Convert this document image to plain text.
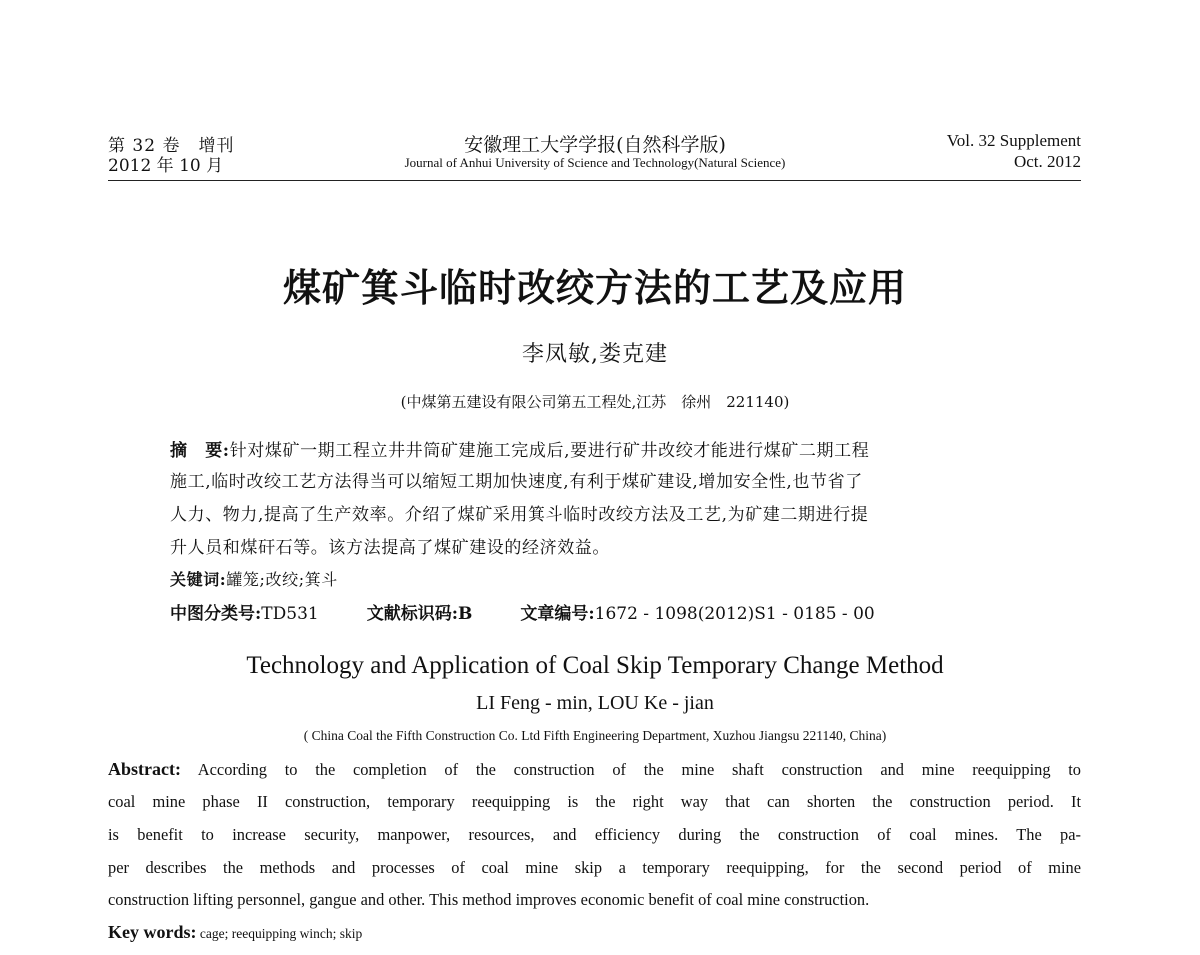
第 32 卷　增刊
2012 年 10 月
安徽理工大学学报(自然科学版)
Journal of Anhui University of Science and Technology(Natural Science)
Vol. 32 Supplement
Oct. 2012
煤矿箕斗临时改绞方法的工艺及应用
李凤敏,娄克建
(中煤第五建设有限公司第五工程处,江苏　徐州　221140)
摘　要:针对煤矿一期工程立井井筒矿建施工完成后,要进行矿井改绞才能进行煤矿二期工程
施工,临时改绞工艺方法得当可以缩短工期加快速度,有利于煤矿建设,增加安全性,也节省了
人力、物力,提高了生产效率。介绍了煤矿采用箕斗临时改绞方法及工艺,为矿建二期进行提
升人员和煤矸石等。该方法提高了煤矿建设的经济效益。
关键词:罐笼;改绞;箕斗
中图分类号:TD531	文献标识码:B	文章编号:1672 - 1098(2012)S1 - 0185 - 00
Technology and Application of Coal Skip Temporary Change Method
LI Feng - min, LOU Ke - jian
( China Coal the Fifth Construction Co. Ltd Fifth Engineering Department, Xuzhou Jiangsu 221140, China)
Abstract: According to the completion of the construction of the mine shaft construction and mine reequipping to
coal mine phase II construction, temporary reequipping is the right way that can shorten the construction period. It
is benefit to increase security, manpower, resources, and efficiency during the construction of coal mines. The pa-
per describes the methods and processes of coal mine skip a temporary reequipping, for the second period of mine
construction lifting personnel, gangue and other. This method improves economic benefit of coal mine construction.
Key words: cage; reequipping winch; skip
